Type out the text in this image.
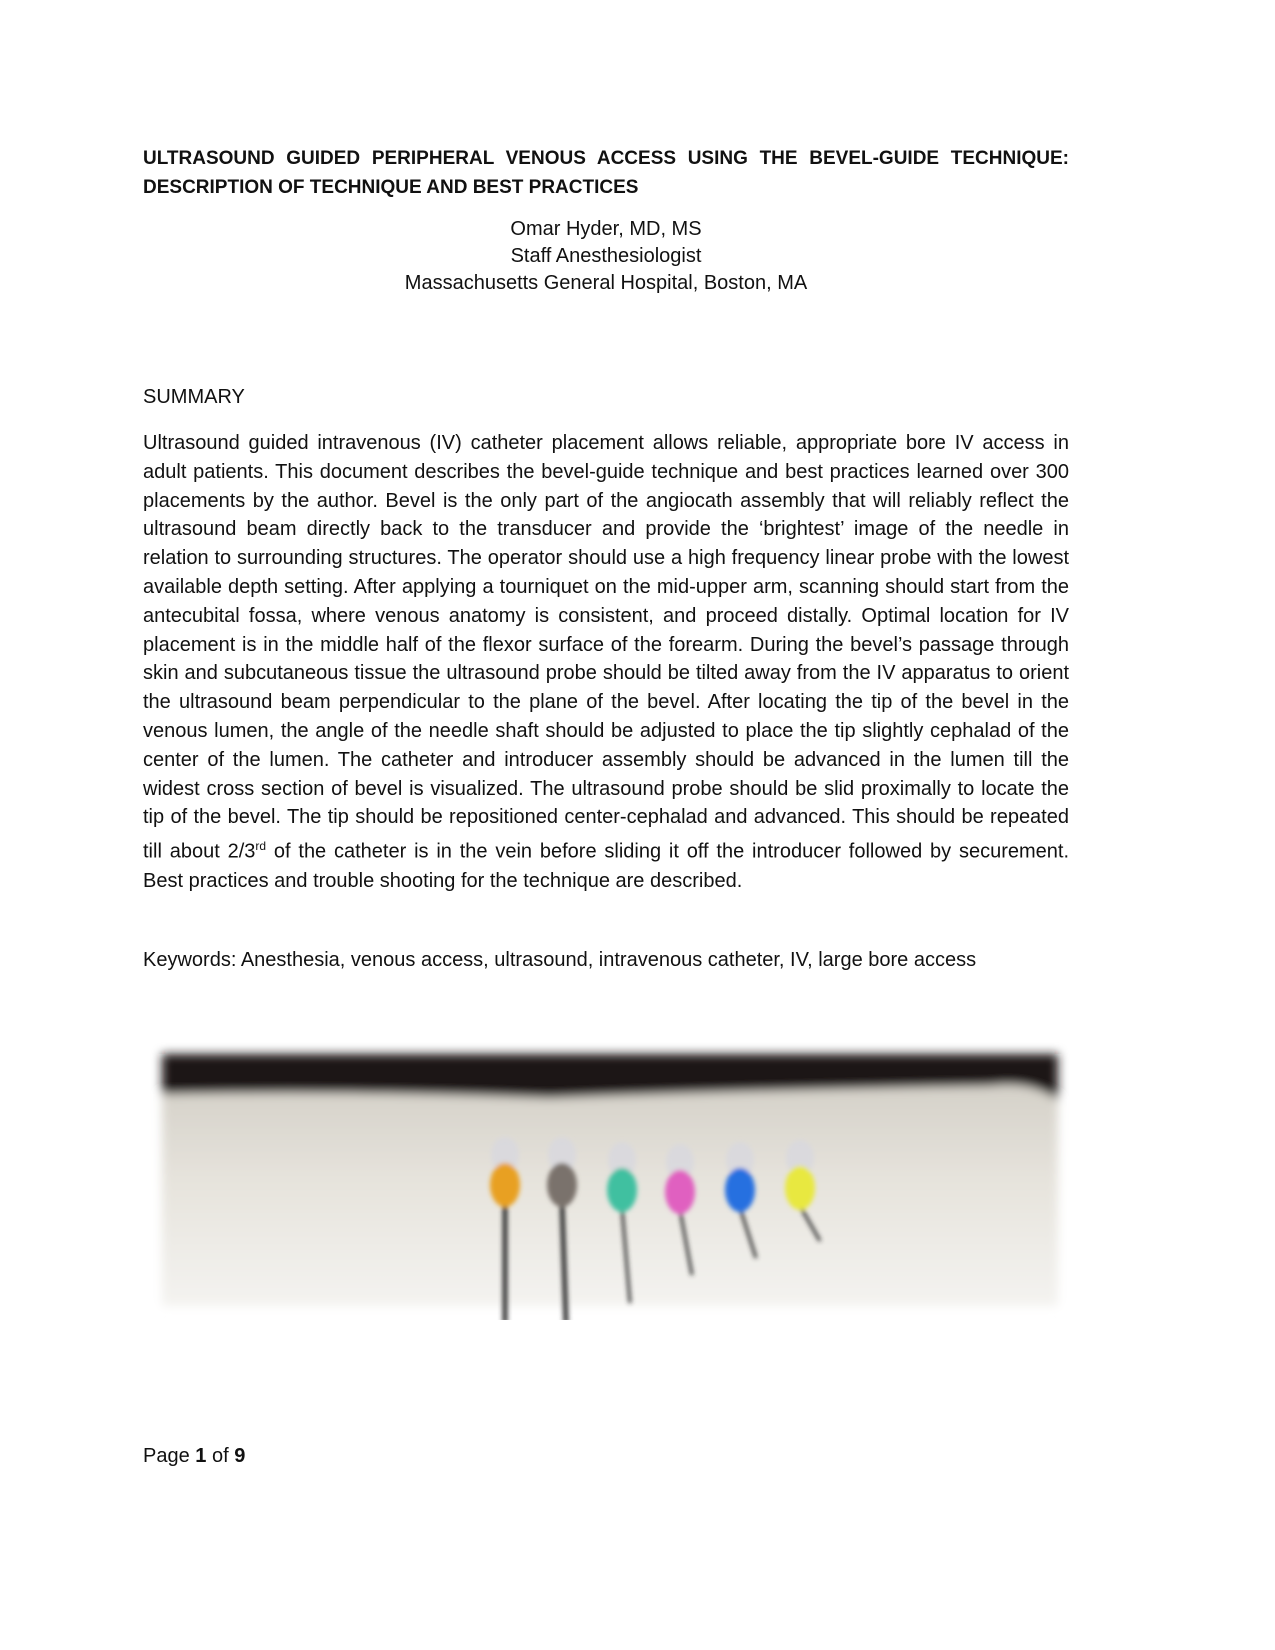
ULTRASOUND GUIDED PERIPHERAL VENOUS ACCESS USING THE BEVEL-GUIDE TECHNIQUE: DESCRIPTION OF TECHNIQUE AND BEST PRACTICES
Omar Hyder, MD, MS
Staff Anesthesiologist
Massachusetts General Hospital, Boston, MA
SUMMARY

Ultrasound guided intravenous (IV) catheter placement allows reliable, appropriate bore IV access in adult patients. This document describes the bevel-guide technique and best practices learned over 300 placements by the author. Bevel is the only part of the angiocath assembly that will reliably reflect the ultrasound beam directly back to the transducer and provide the ‘brightest’ image of the needle in relation to surrounding structures. The operator should use a high frequency linear probe with the lowest available depth setting. After applying a tourniquet on the mid-upper arm, scanning should start from the antecubital fossa, where venous anatomy is consistent, and proceed distally. Optimal location for IV placement is in the middle half of the flexor surface of the forearm. During the bevel’s passage through skin and subcutaneous tissue the ultrasound probe should be tilted away from the IV apparatus to orient the ultrasound beam perpendicular to the plane of the bevel. After locating the tip of the bevel in the venous lumen, the angle of the needle shaft should be adjusted to place the tip slightly cephalad of the center of the lumen. The catheter and introducer assembly should be advanced in the lumen till the widest cross section of bevel is visualized. The ultrasound probe should be slid proximally to locate the tip of the bevel. The tip should be repositioned center-cephalad and advanced. This should be repeated till about 2/3rd of the catheter is in the vein before sliding it off the introducer followed by securement. Best practices and trouble shooting for the technique are described.

Keywords: Anesthesia, venous access, ultrasound, intravenous catheter, IV, large bore access
Page 1 of 9
